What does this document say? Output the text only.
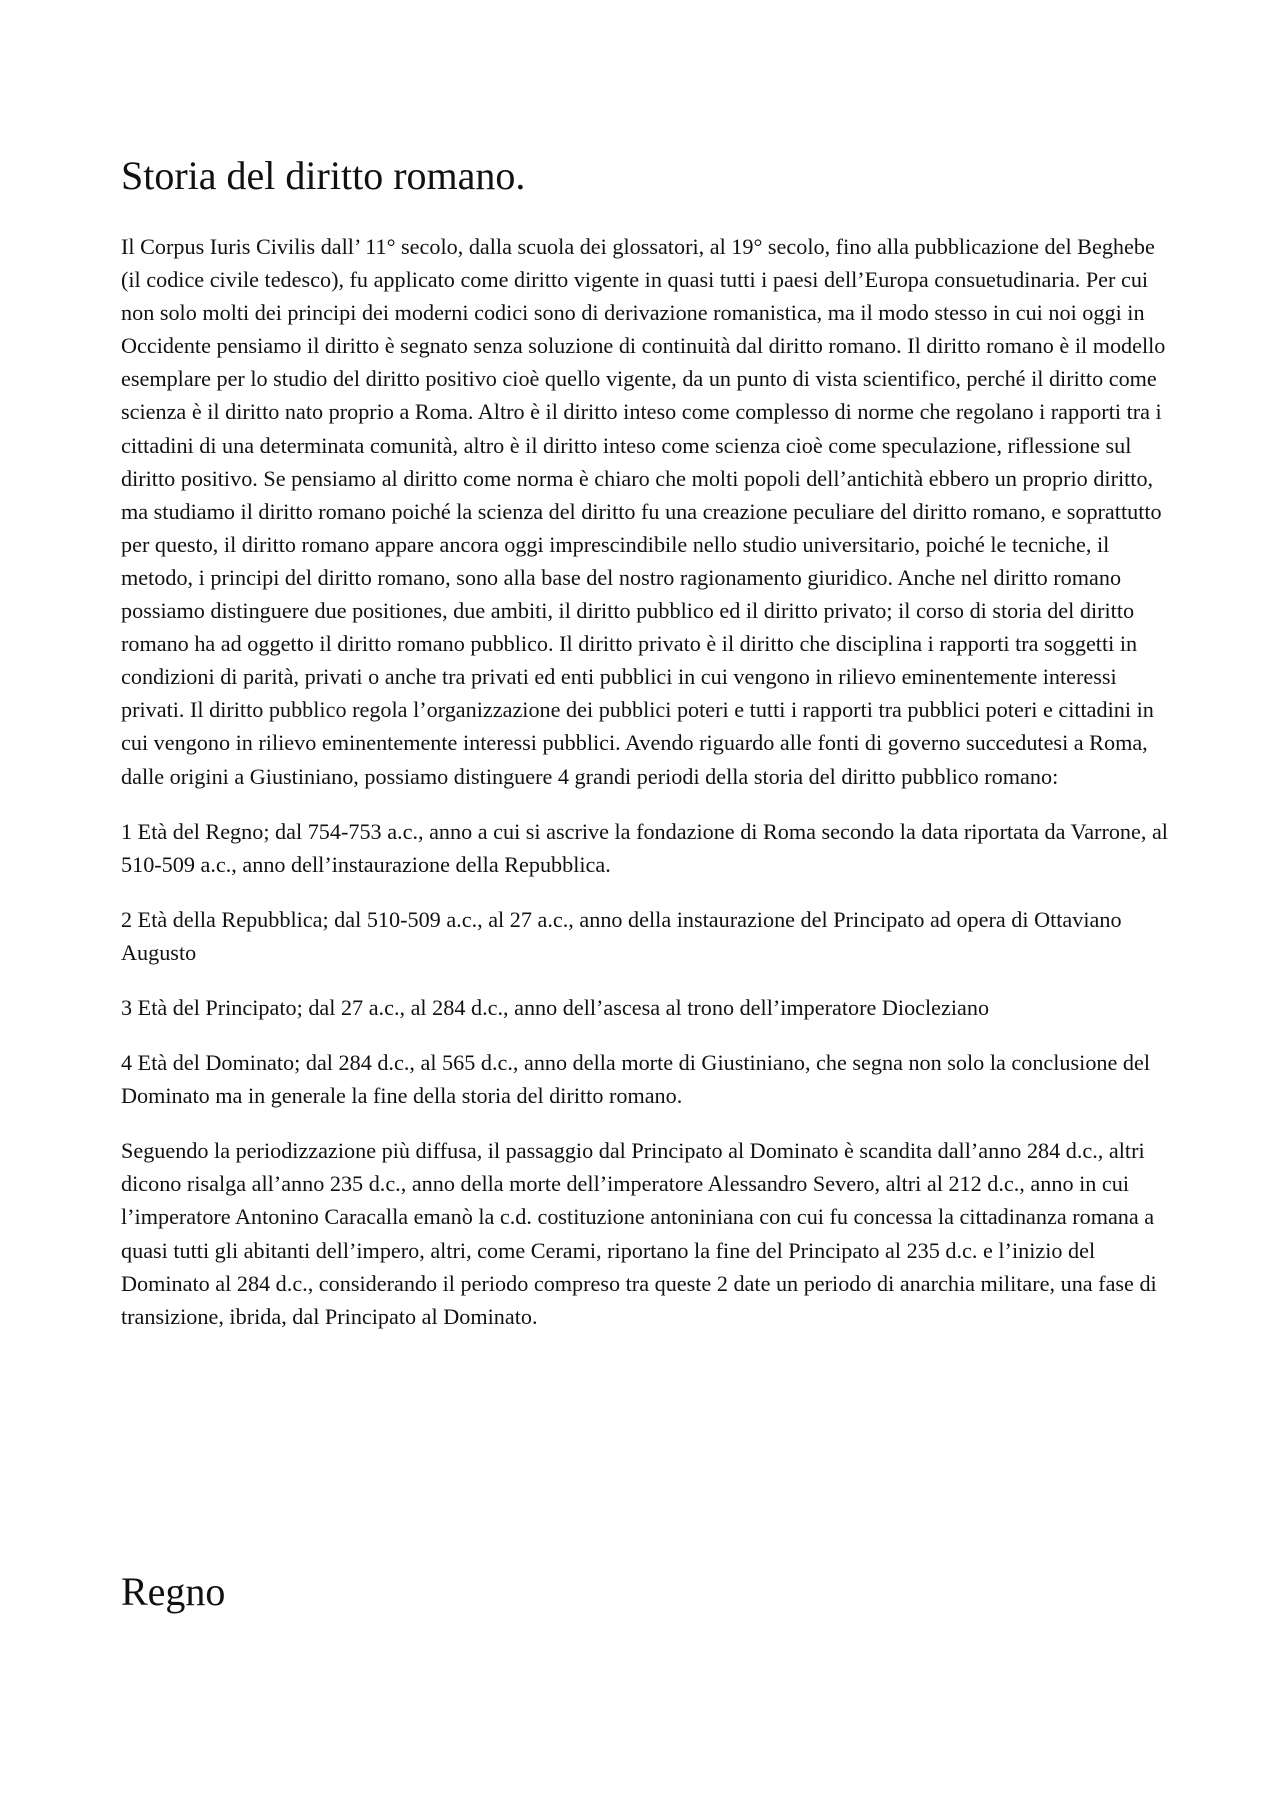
Storia del diritto romano.

Il Corpus Iuris Civilis dall’ 11° secolo, dalla scuola dei glossatori, al 19° secolo, fino alla pubblicazione del Beghebe (il codice civile tedesco), fu applicato come diritto vigente in quasi tutti i paesi dell’Europa consuetudinaria. Per cui non solo molti dei principi dei moderni codici sono di derivazione romanistica, ma il modo stesso in cui noi oggi in Occidente pensiamo il diritto è segnato senza soluzione di continuità dal diritto romano. Il diritto romano è il modello esemplare per lo studio del diritto positivo cioè quello vigente, da un punto di vista scientifico, perché il diritto come scienza è il diritto nato proprio a Roma. Altro è il diritto inteso come complesso di norme che regolano i rapporti tra i cittadini di una determinata comunità, altro è il diritto inteso come scienza cioè come speculazione, riflessione sul diritto positivo. Se pensiamo al diritto come norma è chiaro che molti popoli dell’antichità ebbero un proprio diritto, ma studiamo il diritto romano poiché la scienza del diritto fu una creazione peculiare del diritto romano, e soprattutto per questo, il diritto romano appare ancora oggi imprescindibile nello studio universitario, poiché le tecniche, il metodo, i principi del diritto romano, sono alla base del nostro ragionamento giuridico. Anche nel diritto romano possiamo distinguere due positiones, due ambiti, il diritto pubblico ed il diritto privato; il corso di storia del diritto romano ha ad oggetto il diritto romano pubblico. Il diritto privato è il diritto che disciplina i rapporti tra soggetti in condizioni di parità, privati o anche tra privati ed enti pubblici in cui vengono in rilievo eminentemente interessi privati. Il diritto pubblico regola l’organizzazione dei pubblici poteri e tutti i rapporti tra pubblici poteri e cittadini in cui vengono in rilievo eminentemente interessi pubblici. Avendo riguardo alle fonti di governo succedutesi a Roma, dalle origini a Giustiniano, possiamo distinguere 4 grandi periodi della storia del diritto pubblico romano:

1 Età del Regno; dal 754-753 a.c., anno a cui si ascrive la fondazione di Roma secondo la data riportata da Varrone, al 510-509 a.c., anno dell’instaurazione della Repubblica.

2 Età della Repubblica; dal 510-509 a.c., al 27 a.c., anno della instaurazione del Principato ad opera di Ottaviano Augusto

3 Età del Principato; dal 27 a.c., al 284 d.c., anno dell’ascesa al trono dell’imperatore Diocleziano

4 Età del Dominato; dal 284 d.c., al 565 d.c., anno della morte di Giustiniano, che segna non solo la conclusione del Dominato ma in generale la fine della storia del diritto romano.

Seguendo la periodizzazione più diffusa, il passaggio dal Principato al Dominato è scandita dall’anno 284 d.c., altri dicono risalga all’anno 235 d.c., anno della morte dell’imperatore Alessandro Severo, altri al 212 d.c., anno in cui l’imperatore Antonino Caracalla emanò la c.d. costituzione antoniniana con cui fu concessa la cittadinanza romana a quasi tutti gli abitanti dell’impero, altri, come Cerami, riportano la fine del Principato al 235 d.c. e l’inizio del Dominato al 284 d.c., considerando il periodo compreso tra queste 2 date un periodo di anarchia militare, una fase di transizione, ibrida, dal Principato al Dominato.

Regno
